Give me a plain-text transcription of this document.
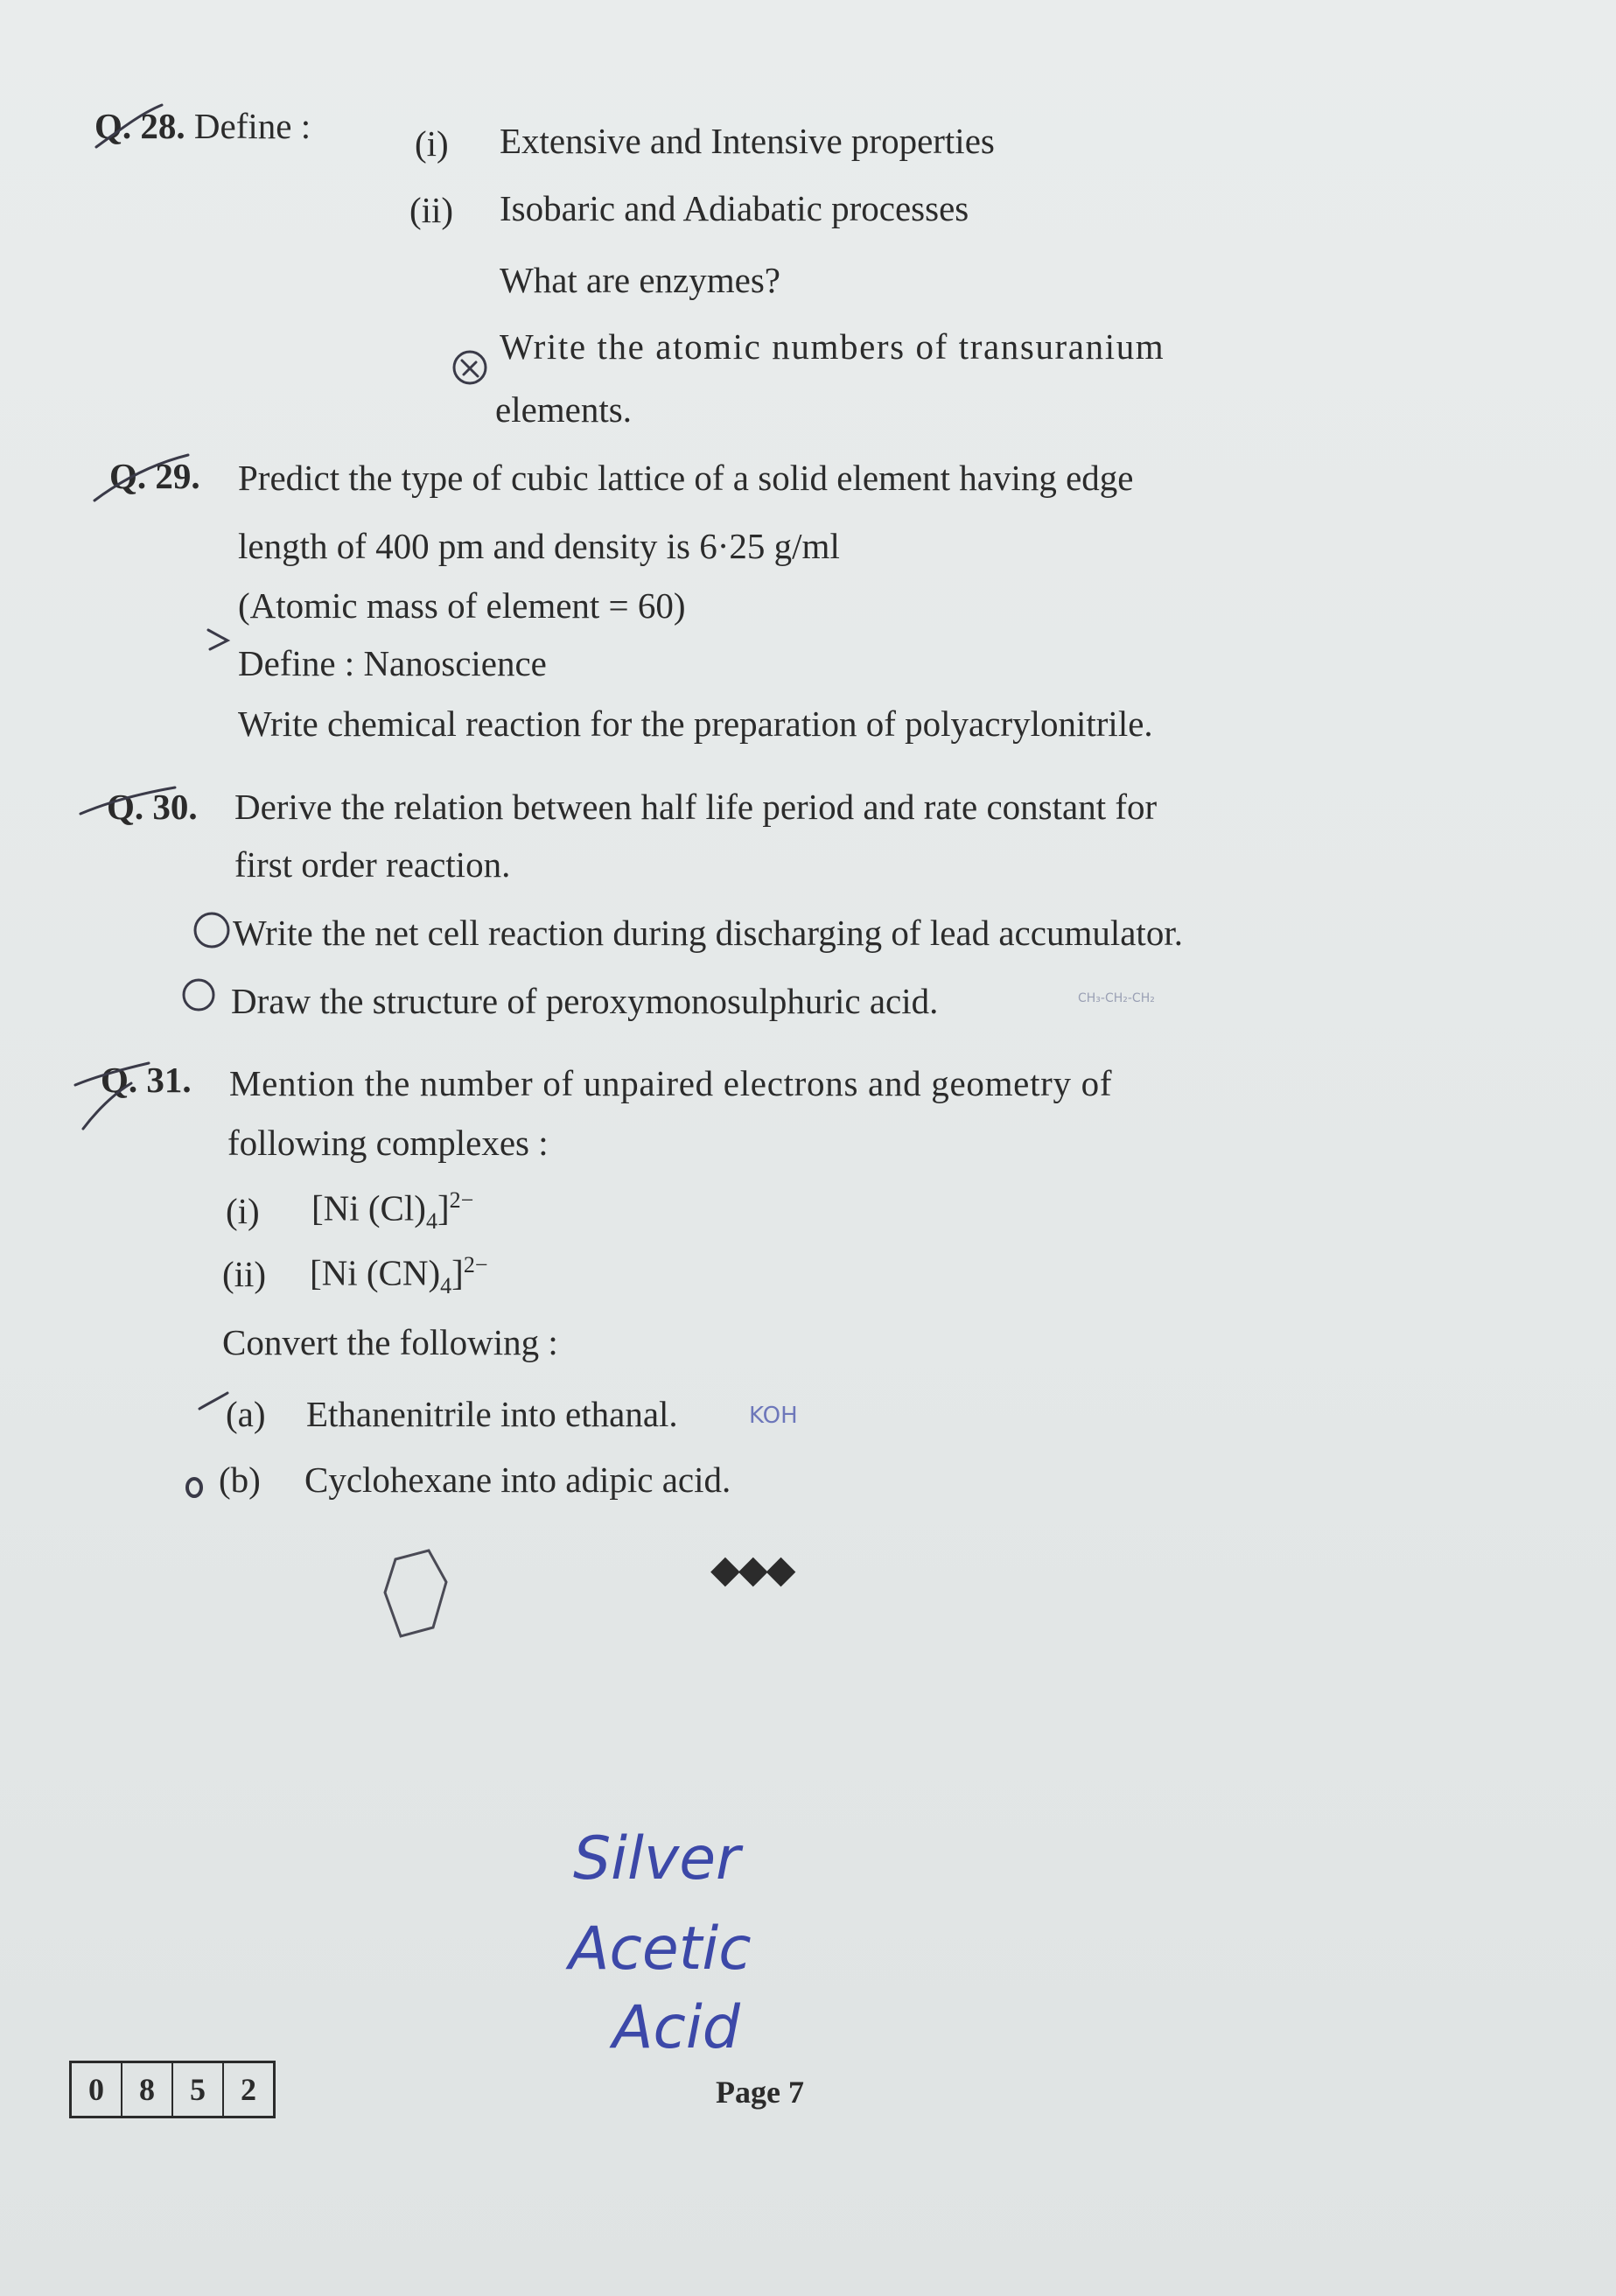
Q. 28. Define :	(i) Extensive and Intensive properties
(ii) Isobaric and Adiabatic processes
What are enzymes?
Write the atomic numbers of transuranium
elements.
Q. 29. Predict the type of cubic lattice of a solid element having edge
length of 400 pm and density is 6·25 g/ml
(Atomic mass of element = 60)
Define : Nanoscience
Write chemical reaction for the preparation of polyacrylonitrile.
Q. 30. Derive the relation between half life period and rate constant for
first order reaction.
Write the net cell reaction during discharging of lead accumulator.
Draw the structure of peroxymonosulphuric acid.
Q. 31. Mention the number of unpaired electrons and geometry of
following complexes :
(i) [Ni $(Cl)_4]^{2-}$
(ii) [Ni $(CN)_4]^{2-}$
Convert the following :
(a) Ethanenitrile into ethanal.
(b) Cyclohexane into adipic acid.
◆◆◆
KOH
CH₃-CH₂-CH₂
Silver
Acetic
Acid
0	8	5	2	Page 7
